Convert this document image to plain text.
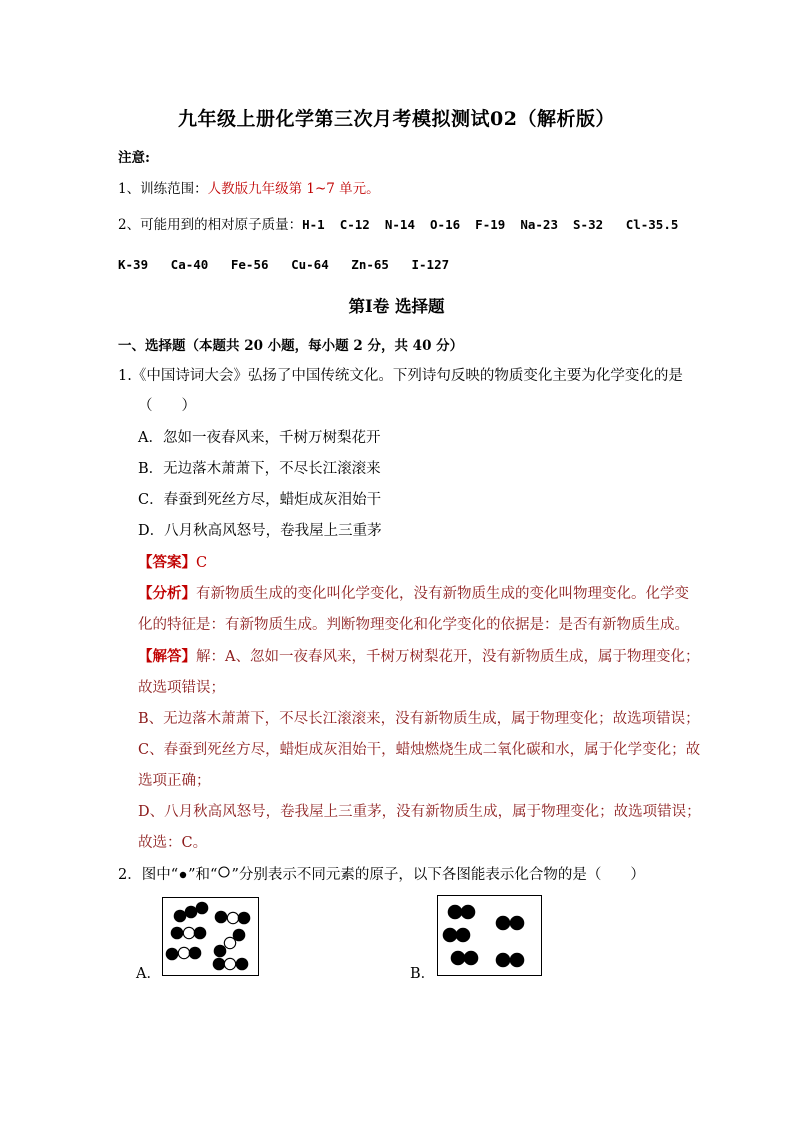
九年级上册化学第三次月考模拟测试02（解析版）
注意:
1、训练范围：人教版九年级第 1~7 单元。
2、可能用到的相对原子质量：H-1  C-12  N-14  O-16  F-19  Na-23  S-32   Cl-35.5
K-39   Ca-40   Fe-56   Cu-64   Zn-65   I-127
第Ⅰ卷 选择题
一、选择题（本题共 20 小题，每小题 2 分，共 40 分）
1.《中国诗词大会》弘扬了中国传统文化。下列诗句反映的物质变化主要为化学变化的是
（　　）
A．忽如一夜春风来，千树万树梨花开
B．无边落木萧萧下，不尽长江滚滚来
C．春蚕到死丝方尽，蜡炬成灰泪始干
D．八月秋高风怒号，卷我屋上三重茅
【答案】C
【分析】有新物质生成的变化叫化学变化，没有新物质生成的变化叫物理变化。化学变
化的特征是：有新物质生成。判断物理变化和化学变化的依据是：是否有新物质生成。
【解答】解：A、忽如一夜春风来，千树万树梨花开，没有新物质生成，属于物理变化；
故选项错误；
B、无边落木萧萧下，不尽长江滚滚来，没有新物质生成，属于物理变化；故选项错误；
C、春蚕到死丝方尽，蜡炬成灰泪始干，蜡烛燃烧生成二氧化碳和水，属于化学变化；故
选项正确；
D、八月秋高风怒号，卷我屋上三重茅，没有新物质生成，属于物理变化；故选项错误；
故选：C。
2．图中“ ”和“ ”分别表示不同元素的原子，以下各图能表示化合物的是（　　）
A．	B．
